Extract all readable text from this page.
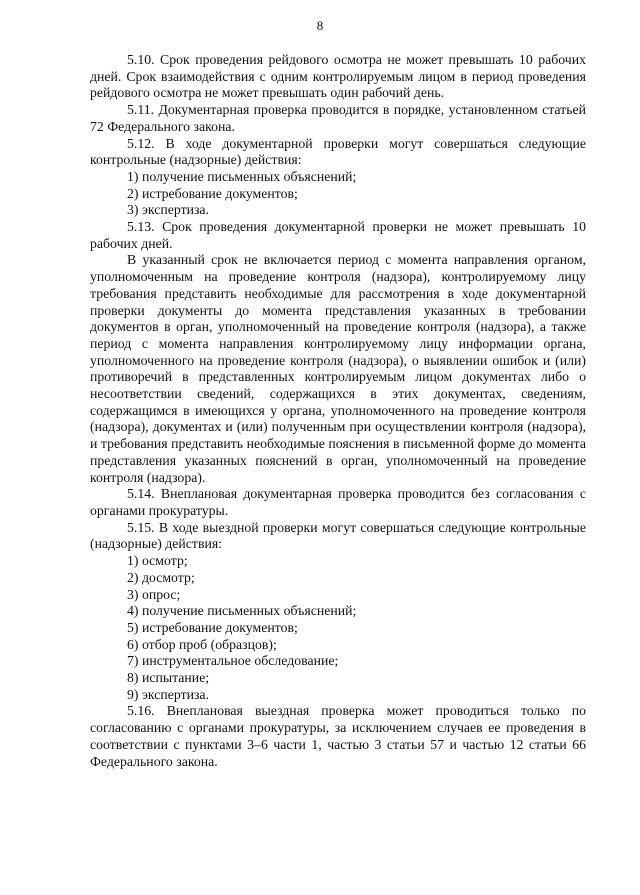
8

5.10. Срок проведения рейдового осмотра не может превышать 10 рабочих дней. Срок взаимодействия с одним контролируемым лицом в период проведения рейдового осмотра не может превышать один рабочий день.

5.11. Документарная проверка проводится в порядке, установленном статьей 72 Федерального закона.

5.12. В ходе документарной проверки могут совершаться следующие контрольные (надзорные) действия:

1) получение письменных объяснений;

2) истребование документов;

3) экспертиза.

5.13. Срок проведения документарной проверки не может превышать 10 рабочих дней.

В указанный срок не включается период с момента направления органом, уполномоченным на проведение контроля (надзора), контролируемому лицу требования представить необходимые для рассмотрения в ходе документарной проверки документы до момента представления указанных в требовании документов в орган, уполномоченный на проведение контроля (надзора), а также период с момента направления контролируемому лицу информации органа, уполномоченного на проведение контроля (надзора), о выявлении ошибок и (или) противоречий в представленных контролируемым лицом документах либо о несоответствии сведений, содержащихся в этих документах, сведениям, содержащимся в имеющихся у органа, уполномоченного на проведение контроля (надзора), документах и (или) полученным при осуществлении контроля (надзора), и требования представить необходимые пояснения в письменной форме до момента представления указанных пояснений в орган, уполномоченный на проведение контроля (надзора).

5.14. Внеплановая документарная проверка проводится без согласования с органами прокуратуры.

5.15. В ходе выездной проверки могут совершаться следующие контрольные (надзорные) действия:

1) осмотр;

2) досмотр;

3) опрос;

4) получение письменных объяснений;

5) истребование документов;

6) отбор проб (образцов);

7) инструментальное обследование;

8) испытание;

9) экспертиза.

5.16. Внеплановая выездная проверка может проводиться только по согласованию с органами прокуратуры, за исключением случаев ее проведения в соответствии с пунктами 3–6 части 1, частью 3 статьи 57 и частью 12 статьи 66 Федерального закона.
